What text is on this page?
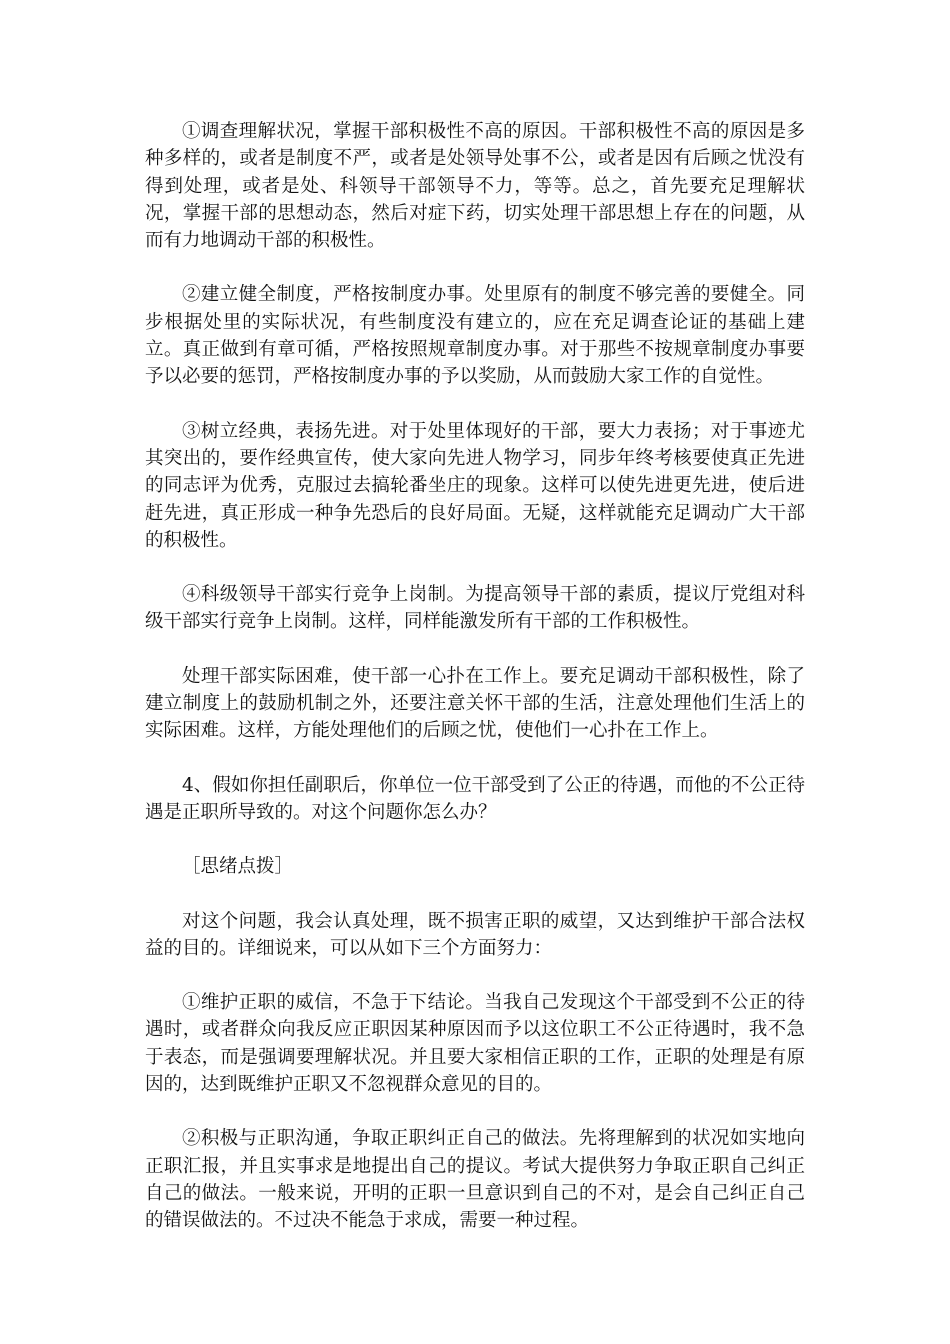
①调查理解状况，掌握干部积极性不高的原因。干部积极性不高的原因是多种多样的，或者是制度不严，或者是处领导处事不公，或者是因有后顾之忧没有得到处理，或者是处、科领导干部领导不力，等等。总之，首先要充足理解状况，掌握干部的思想动态，然后对症下药，切实处理干部思想上存在的问题，从而有力地调动干部的积极性。

②建立健全制度，严格按制度办事。处里原有的制度不够完善的要健全。同步根据处里的实际状况，有些制度没有建立的，应在充足调查论证的基础上建立。真正做到有章可循，严格按照规章制度办事。对于那些不按规章制度办事要予以必要的惩罚，严格按制度办事的予以奖励，从而鼓励大家工作的自觉性。

③树立经典，表扬先进。对于处里体现好的干部，要大力表扬；对于事迹尤其突出的，要作经典宣传，使大家向先进人物学习，同步年终考核要使真正先进的同志评为优秀，克服过去搞轮番坐庄的现象。这样可以使先进更先进，使后进赶先进，真正形成一种争先恐后的良好局面。无疑，这样就能充足调动广大干部的积极性。

④科级领导干部实行竞争上岗制。为提高领导干部的素质，提议厅党组对科级干部实行竞争上岗制。这样，同样能激发所有干部的工作积极性。

处理干部实际困难，使干部一心扑在工作上。要充足调动干部积极性，除了建立制度上的鼓励机制之外，还要注意关怀干部的生活，注意处理他们生活上的实际困难。这样，方能处理他们的后顾之忧，使他们一心扑在工作上。

4、假如你担任副职后，你单位一位干部受到了公正的待遇，而他的不公正待遇是正职所导致的。对这个问题你怎么办？

［思绪点拨］

对这个问题，我会认真处理，既不损害正职的威望，又达到维护干部合法权益的目的。详细说来，可以从如下三个方面努力：

①维护正职的威信，不急于下结论。当我自己发现这个干部受到不公正的待遇时，或者群众向我反应正职因某种原因而予以这位职工不公正待遇时，我不急于表态，而是强调要理解状况。并且要大家相信正职的工作，正职的处理是有原因的，达到既维护正职又不忽视群众意见的目的。

②积极与正职沟通，争取正职纠正自己的做法。先将理解到的状况如实地向正职汇报，并且实事求是地提出自己的提议。考试大提供努力争取正职自己纠正自己的做法。一般来说，开明的正职一旦意识到自己的不对，是会自己纠正自己的错误做法的。不过决不能急于求成，需要一种过程。
